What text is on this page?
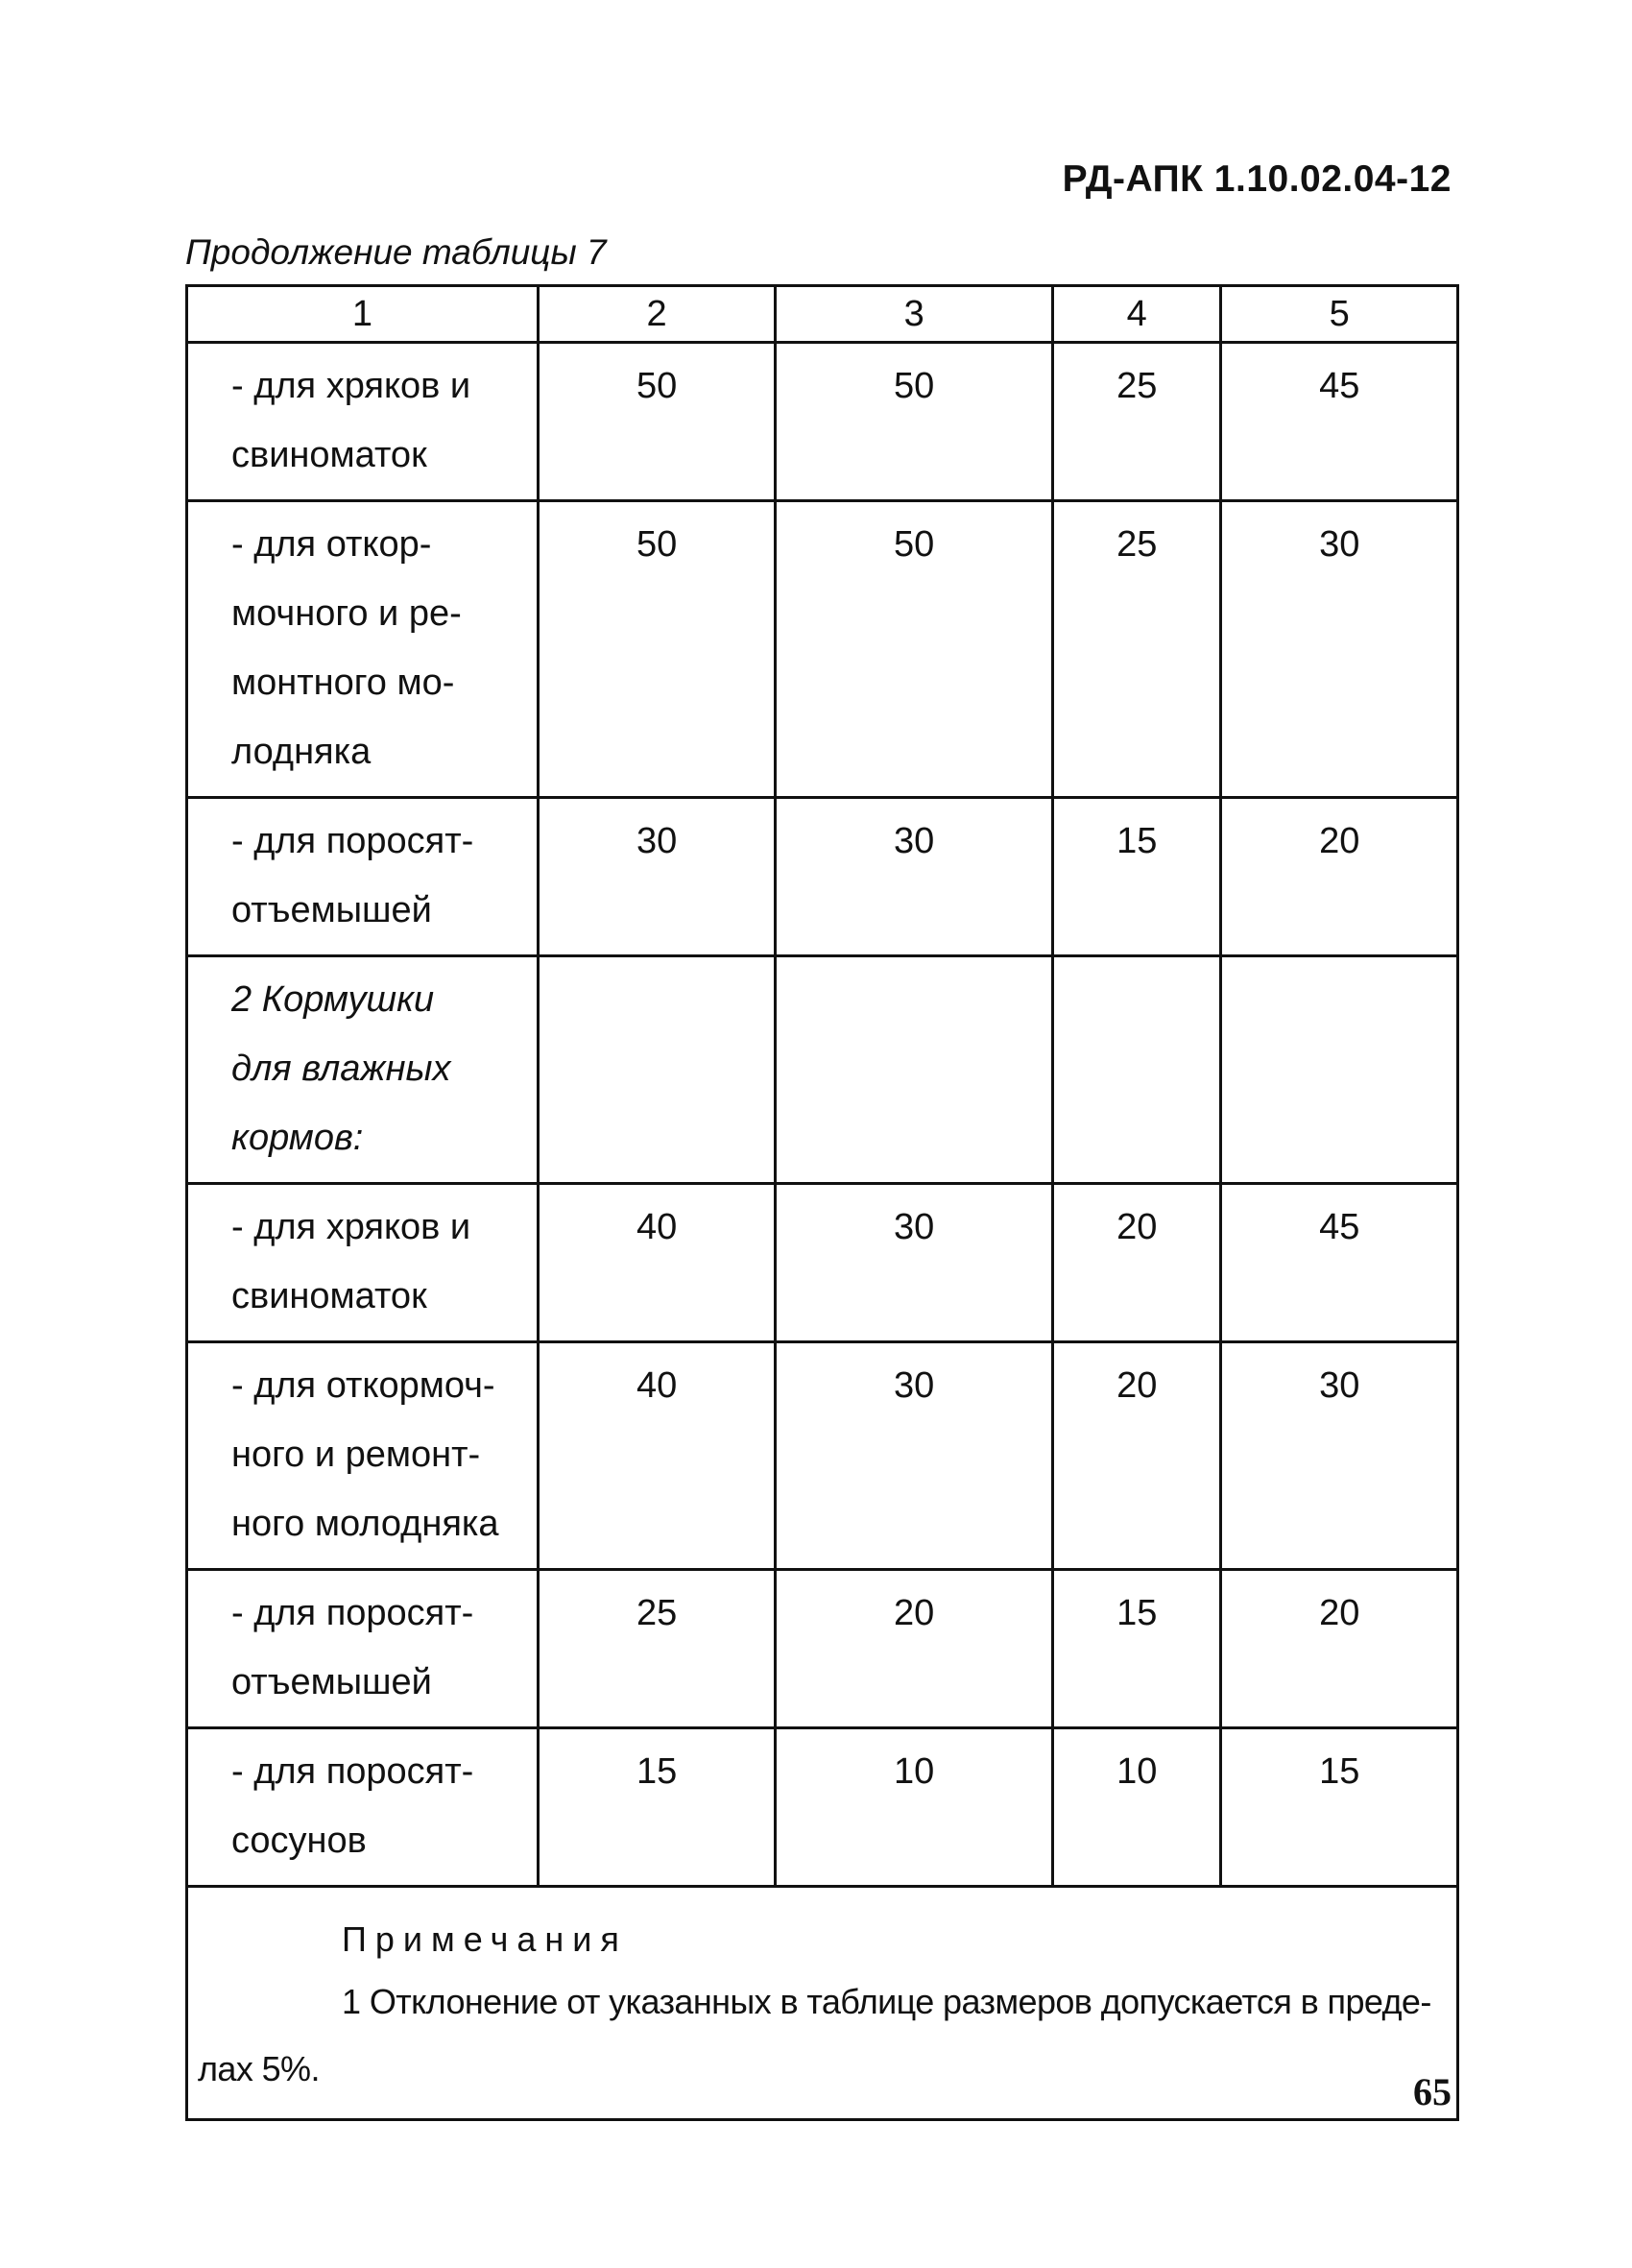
РД-АПК 1.10.02.04-12

Продолжение таблицы 7

1	2	3	4	5

- для хряков и
свиноматок	50	50	25	45

- для откор-
мочного и ре-
монтного мо-
лодняка	50	50	25	30

- для поросят-
отъемышей	30	30	15	20

2 Кормушки
для влажных
кормов:				

- для хряков и
свиноматок	40	30	20	45

- для откормоч-
ного и ремонт-
ного молодняка	40	30	20	30

- для поросят-
отъемышей	25	20	15	20

- для поросят-
сосунов	15	10	10	15

Примечания

1 Отклонение от указанных в таблице размеров допускается в преде-

лах 5%.				

65
